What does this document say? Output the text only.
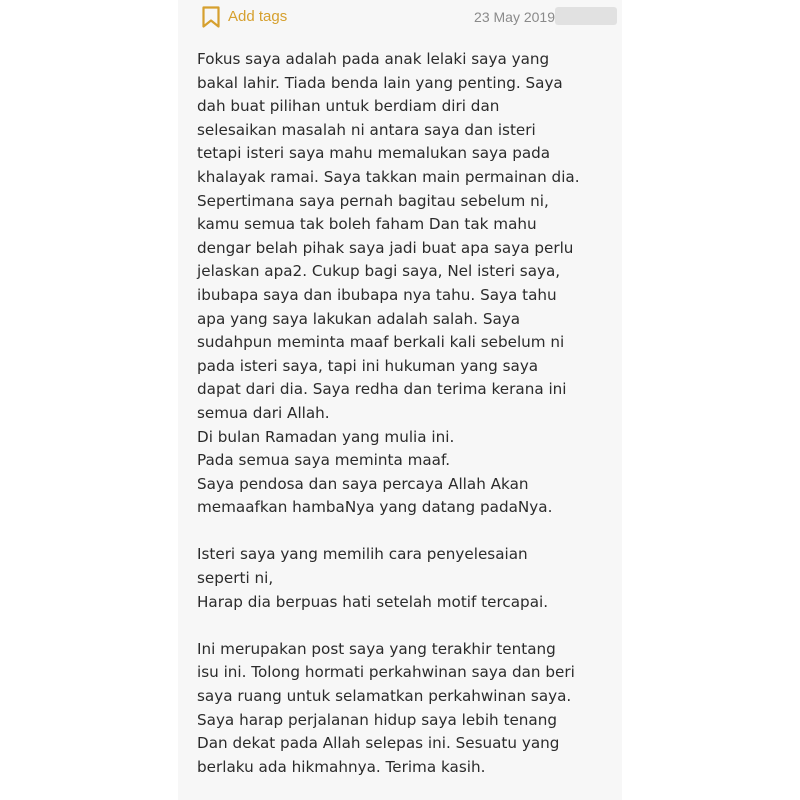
Add tags	23 May 2019
Fokus saya adalah pada anak lelaki saya yang
bakal lahir. Tiada benda lain yang penting. Saya
dah buat pilihan untuk berdiam diri dan
selesaikan masalah ni antara saya dan isteri
tetapi isteri saya mahu memalukan saya pada
khalayak ramai. Saya takkan main permainan dia.
Sepertimana saya pernah bagitau sebelum ni,
kamu semua tak boleh faham Dan tak mahu
dengar belah pihak saya jadi buat apa saya perlu
jelaskan apa2. Cukup bagi saya, Nel isteri saya,
ibubapa saya dan ibubapa nya tahu. Saya tahu
apa yang saya lakukan adalah salah. Saya
sudahpun meminta maaf berkali kali sebelum ni
pada isteri saya, tapi ini hukuman yang saya
dapat dari dia. Saya redha dan terima kerana ini
semua dari Allah.
Di bulan Ramadan yang mulia ini.
Pada semua saya meminta maaf.
Saya pendosa dan saya percaya Allah Akan
memaafkan hambaNya yang datang padaNya.
Isteri saya yang memilih cara penyelesaian
seperti ni,
Harap dia berpuas hati setelah motif tercapai.
Ini merupakan post saya yang terakhir tentang
isu ini. Tolong hormati perkahwinan saya dan beri
saya ruang untuk selamatkan perkahwinan saya.
Saya harap perjalanan hidup saya lebih tenang
Dan dekat pada Allah selepas ini. Sesuatu yang
berlaku ada hikmahnya. Terima kasih.
